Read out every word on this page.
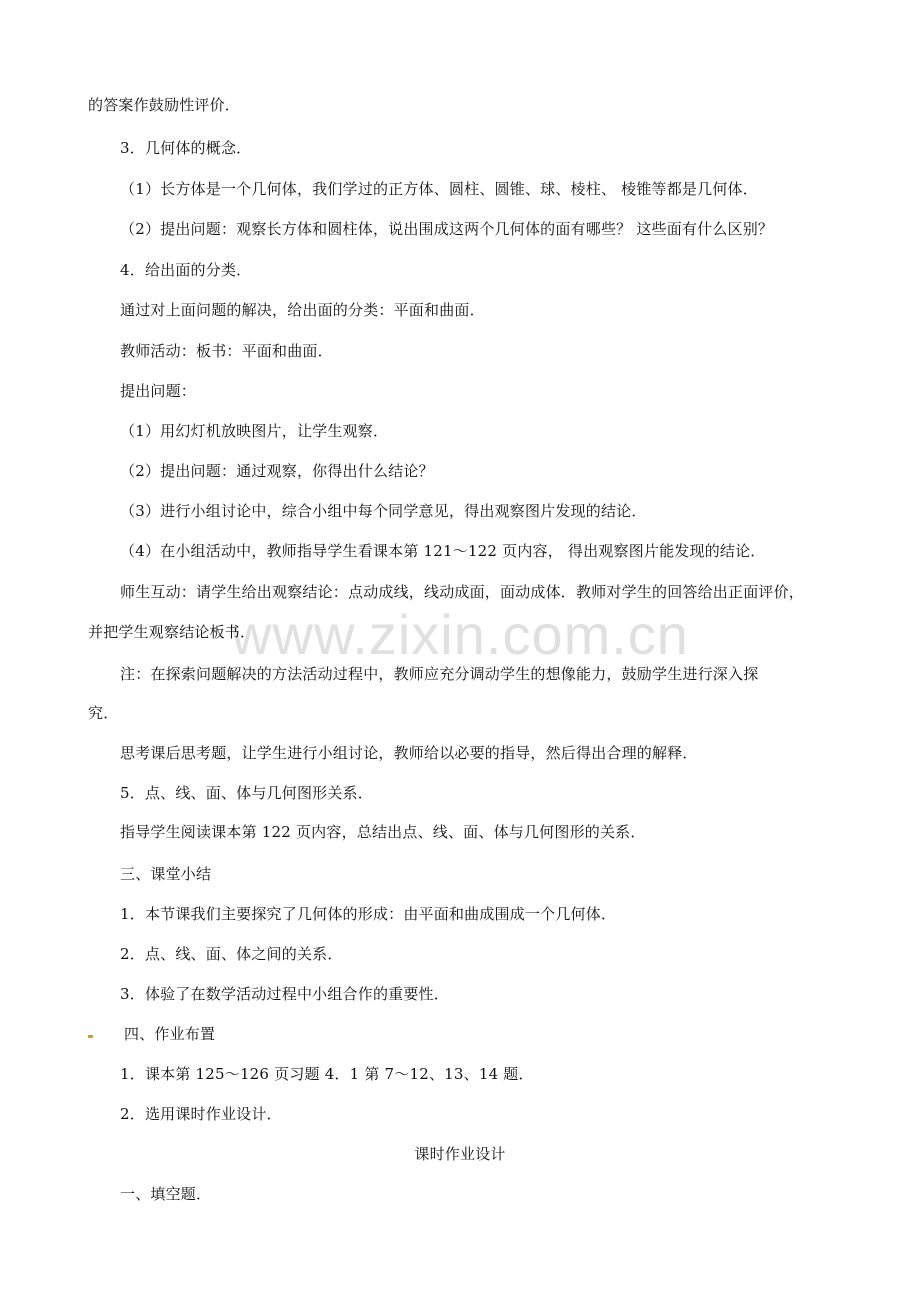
www.zixin.com.cn
的答案作鼓励性评价．
3．几何体的概念．
（1）长方体是一个几何体，我们学过的正方体、圆柱、圆锥、球、棱柱、 棱锥等都是几何体．
（2）提出问题：观察长方体和圆柱体，说出围成这两个几何体的面有哪些？ 这些面有什么区别？
4．给出面的分类．
通过对上面问题的解决，给出面的分类：平面和曲面．
教师活动：板书：平面和曲面．
提出问题：
（1）用幻灯机放映图片，让学生观察．
（2）提出问题：通过观察，你得出什么结论？
（3）进行小组讨论中，综合小组中每个同学意见，得出观察图片发现的结论．
（4）在小组活动中，教师指导学生看课本第 121～122 页内容， 得出观察图片能发现的结论．
师生互动：请学生给出观察结论：点动成线，线动成面，面动成体．教师对学生的回答给出正面评价，
并把学生观察结论板书．
注：在探索问题解决的方法活动过程中，教师应充分调动学生的想像能力，鼓励学生进行深入探
究．
思考课后思考题，让学生进行小组讨论，教师给以必要的指导，然后得出合理的解释．
5．点、线、面、体与几何图形关系．
指导学生阅读课本第 122 页内容，总结出点、线、面、体与几何图形的关系．
三、课堂小结
1．本节课我们主要探究了几何体的形成：由平面和曲成围成一个几何体．
2．点、线、面、体之间的关系．
3．体验了在数学活动过程中小组合作的重要性．
四、作业布置
1．课本第 125～126 页习题 4．1 第 7～12、13、14 题．
2．选用课时作业设计．
课时作业设计
一、填空题．
